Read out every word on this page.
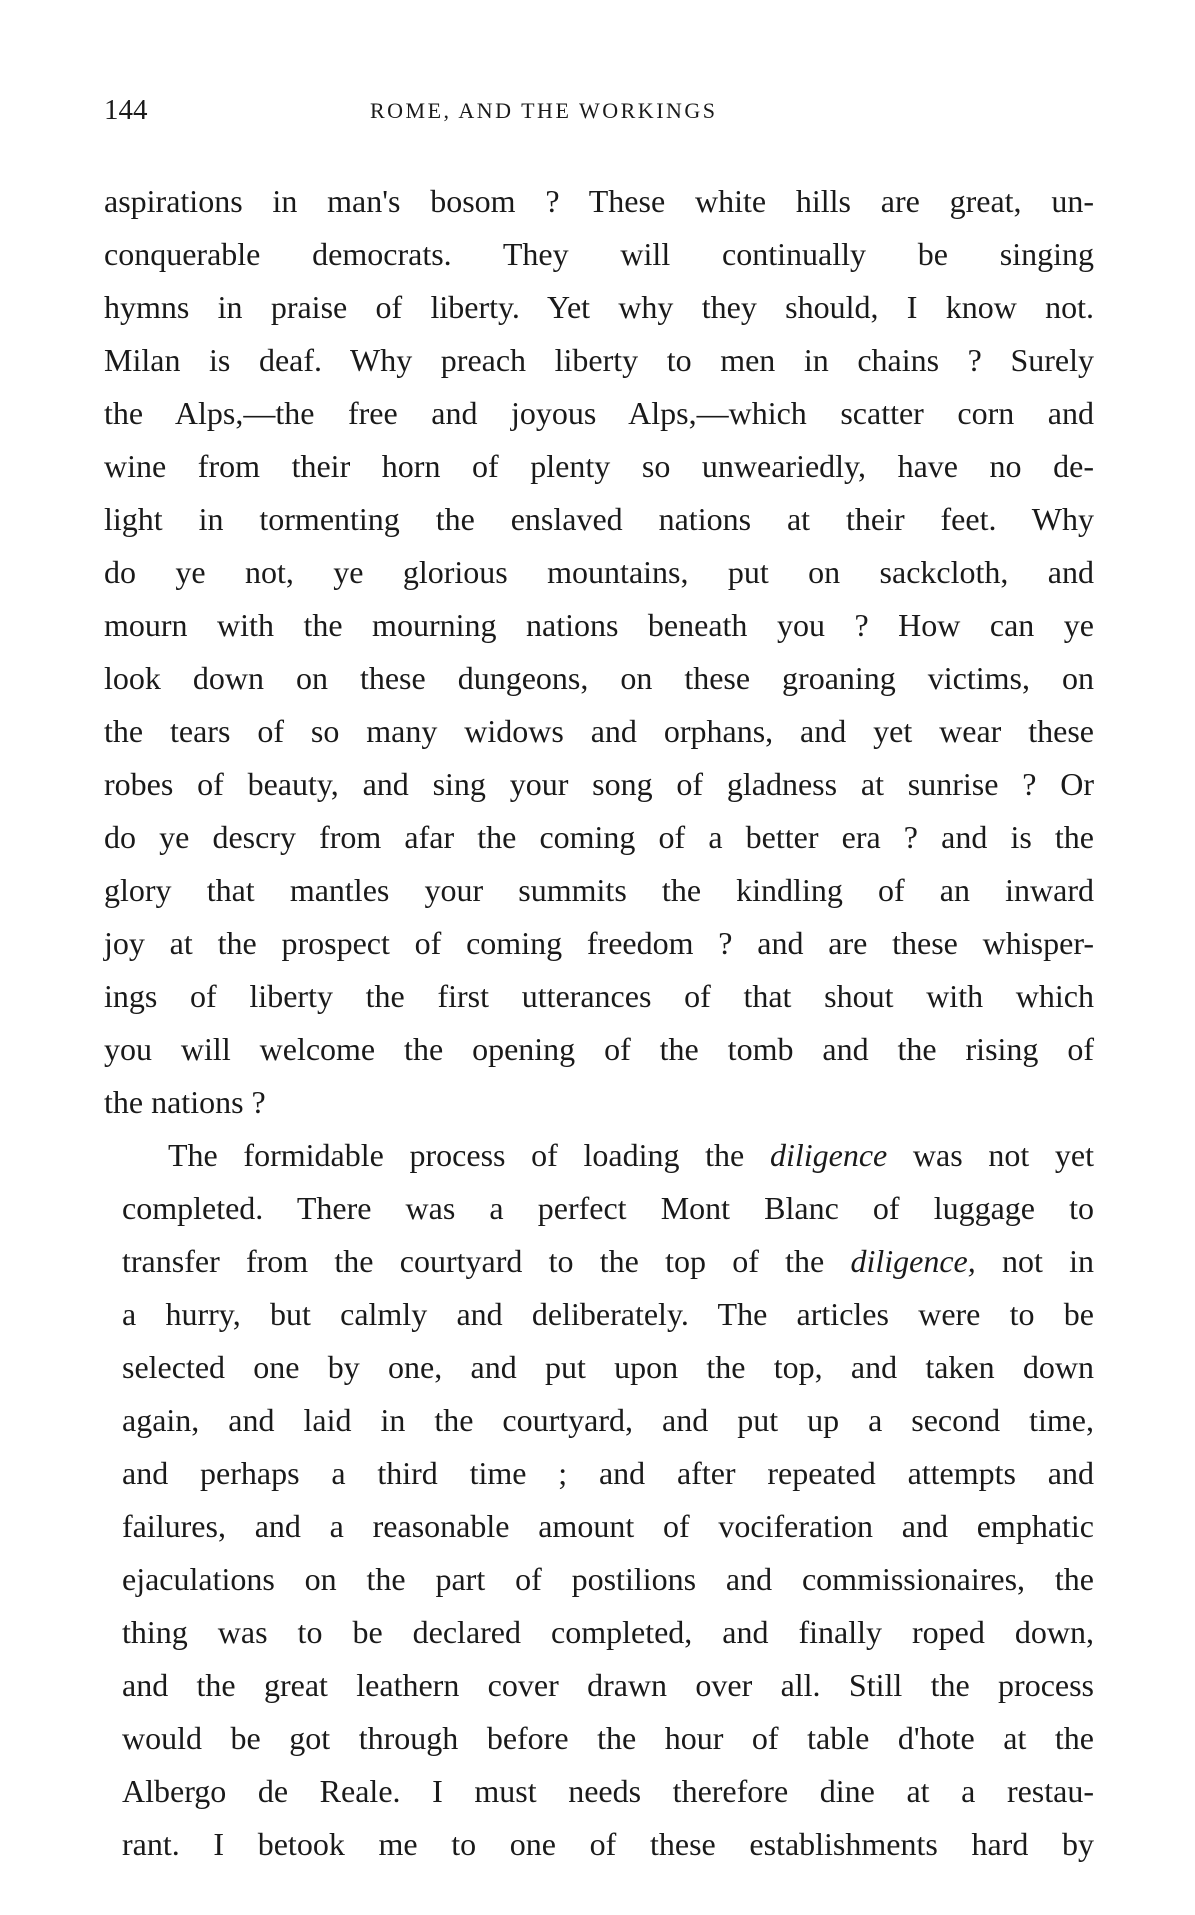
144	ROME, AND THE WORKINGS
aspirations in man's bosom ? These white hills are great, un-
conquerable democrats. They will continually be singing
hymns in praise of liberty. Yet why they should, I know not.
Milan is deaf. Why preach liberty to men in chains ? Surely
the Alps,—the free and joyous Alps,—which scatter corn and
wine from their horn of plenty so unweariedly, have no de-
light in tormenting the enslaved nations at their feet. Why
do ye not, ye glorious mountains, put on sackcloth, and
mourn with the mourning nations beneath you ? How can ye
look down on these dungeons, on these groaning victims, on
the tears of so many widows and orphans, and yet wear these
robes of beauty, and sing your song of gladness at sunrise ? Or
do ye descry from afar the coming of a better era ? and is the
glory that mantles your summits the kindling of an inward
joy at the prospect of coming freedom ? and are these whisper-
ings of liberty the first utterances of that shout with which
you will welcome the opening of the tomb and the rising of
the nations ?
The formidable process of loading the diligence was not yet
completed. There was a perfect Mont Blanc of luggage to
transfer from the courtyard to the top of the diligence, not in
a hurry, but calmly and deliberately. The articles were to be
selected one by one, and put upon the top, and taken down
again, and laid in the courtyard, and put up a second time,
and perhaps a third time ; and after repeated attempts and
failures, and a reasonable amount of vociferation and emphatic
ejaculations on the part of postilions and commissionaires, the
thing was to be declared completed, and finally roped down,
and the great leathern cover drawn over all. Still the process
would be got through before the hour of table d'hote at the
Albergo de Reale. I must needs therefore dine at a restau-
rant. I betook me to one of these establishments hard by
